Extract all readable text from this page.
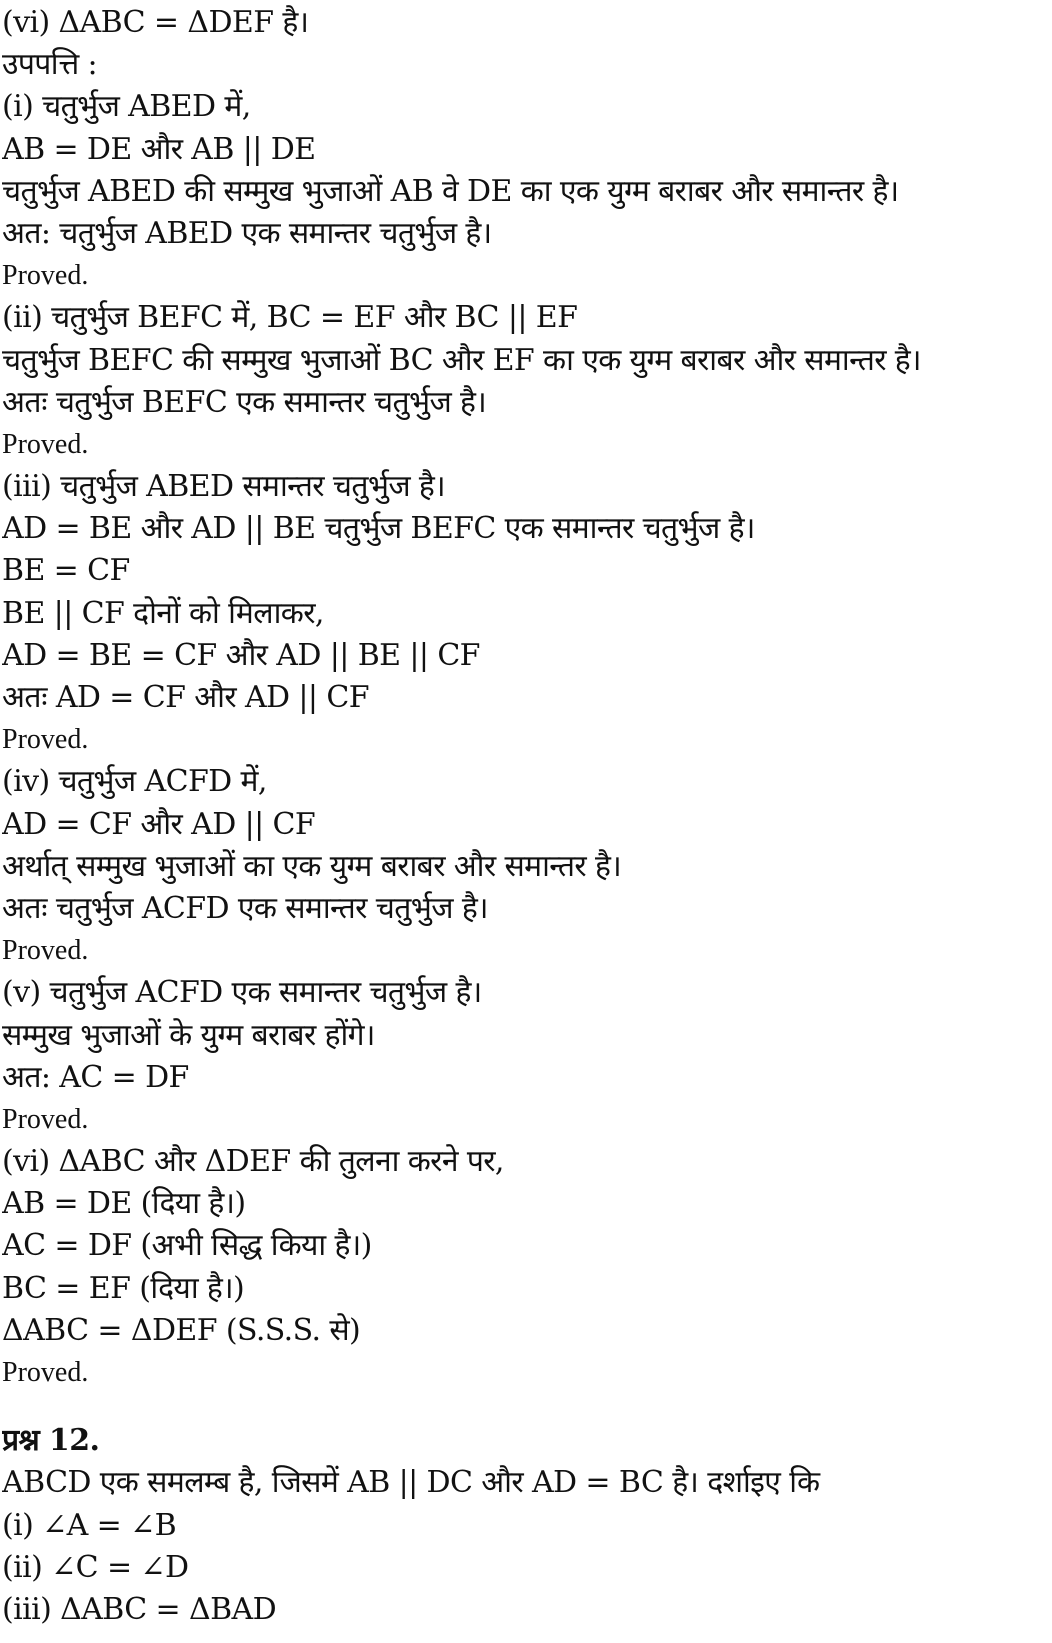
(vi) ΔABC = ΔDEF है।
उपपत्ति :
(i) चतुर्भुज ABED में,
AB = DE और AB || DE
चतुर्भुज ABED की सम्मुख भुजाओं AB वे DE का एक युग्म बराबर और समान्तर है।
अत: चतुर्भुज ABED एक समान्तर चतुर्भुज है।
Proved.
(ii) चतुर्भुज BEFC में, BC = EF और BC || EF
चतुर्भुज BEFC की सम्मुख भुजाओं BC और EF का एक युग्म बराबर और समान्तर है।
अतः चतुर्भुज BEFC एक समान्तर चतुर्भुज है।
Proved.
(iii) चतुर्भुज ABED समान्तर चतुर्भुज है।
AD = BE और AD || BE चतुर्भुज BEFC एक समान्तर चतुर्भुज है।
BE = CF
BE || CF दोनों को मिलाकर,
AD = BE = CF और AD || BE || CF
अतः AD = CF और AD || CF
Proved.
(iv) चतुर्भुज ACFD में,
AD = CF और AD || CF
अर्थात् सम्मुख भुजाओं का एक युग्म बराबर और समान्तर है।
अतः चतुर्भुज ACFD एक समान्तर चतुर्भुज है।
Proved.
(v) चतुर्भुज ACFD एक समान्तर चतुर्भुज है।
सम्मुख भुजाओं के युग्म बराबर होंगे।
अत: AC = DF
Proved.
(vi) ΔABC और ΔDEF की तुलना करने पर,
AB = DE (दिया है।)
AC = DF (अभी सिद्ध किया है।)
BC = EF (दिया है।)
ΔABC = ΔDEF (S.S.S. से)
Proved.
प्रश्न 12.
ABCD एक समलम्ब है, जिसमें AB || DC और AD = BC है। दर्शाइए कि
(i) ∠A = ∠B
(ii) ∠C = ∠D
(iii) ΔABC = ΔBAD
